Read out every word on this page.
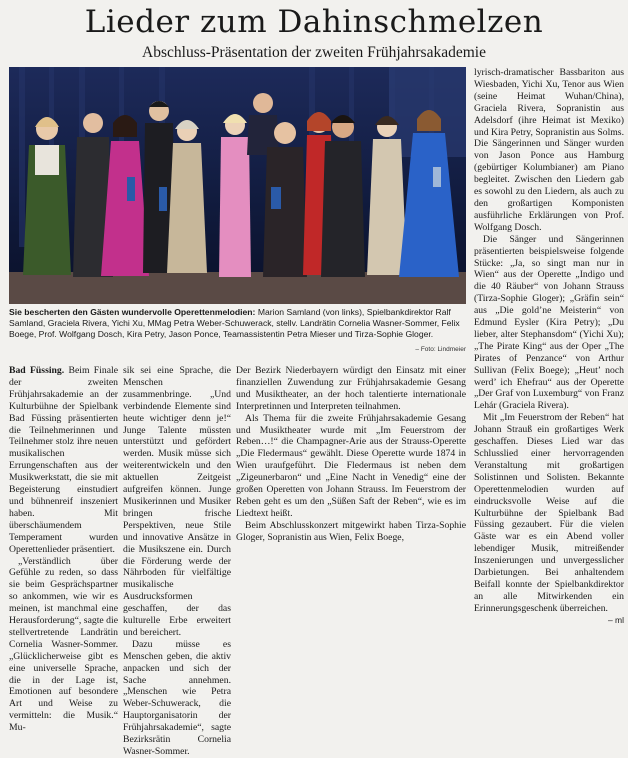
Lieder zum Dahinschmelzen
Abschluss-Präsentation der zweiten Frühjahrsakademie

Sie bescherten den Gästen wundervolle Operettenmelodien: Marion Samland (von links), Spielbankdirektor Ralf Samland, Graciela Rivera, Yichi Xu, MMag Petra Weber-Schuwerack, stellv. Landrätin Cornelia Wasner-Sommer, Felix Boege, Prof. Wolfgang Dosch, Kira Petry, Jason Ponce, Teamassistentin Petra Mieser und Tirza-Sophie Gloger.

– Foto: Lindmeier

Bad Füssing. Beim Finale der zweiten Frühjahrsakademie an der Kulturbühne der Spielbank Bad Füssing präsentierten die Teilnehmerinnen und Teilnehmer stolz ihre neuen musikalischen Errungenschaften aus der Musikwerkstatt, die sie mit Begeisterung einstudiert und bühnenreif inszeniert haben. Mit überschäumendem Temperament wurden Operettenlieder präsentiert.

„Verständlich über Gefühle zu reden, so dass sie beim Gesprächspartner so ankommen, wie wir es meinen, ist manchmal eine Herausforderung“, sagte die stellvertretende Landrätin Cornelia Wasner-Sommer. „Glücklicherweise gibt es eine universelle Sprache, die in der Lage ist, Emotionen auf besondere Art und Weise zu vermitteln: die Musik.“ Mu-

sik sei eine Sprache, die Menschen zusammenbringe. „Und verbindende Elemente sind heute wichtiger denn je!“ Junge Talente müssten unterstützt und gefördert werden. Musik müsse sich weiterentwickeln und den aktuellen Zeitgeist aufgreifen können. Junge Musikerinnen und Musiker bringen frische Perspektiven, neue Stile und innovative Ansätze in die Musikszene ein. Durch die Förderung werde der Nährboden für vielfältige musikalische Ausdrucksformen geschaffen, der das kulturelle Erbe erweitert und bereichert.

Dazu müsse es Menschen geben, die aktiv anpacken und sich der Sache annehmen. „Menschen wie Petra Weber-Schuwerack, die Hauptorganisatorin der Frühjahrsakademie“, sagte Bezirksrätin Cornelia Wasner-Sommer.

Der Bezirk Niederbayern würdigt den Einsatz mit einer finanziellen Zuwendung zur Frühjahrsakademie Gesang und Musiktheater, an der hoch talentierte internationale Interpretinnen und Interpreten teilnahmen.

Als Thema für die zweite Frühjahrsakademie Gesang und Musiktheater wurde mit „Im Feuerstrom der Reben…!“ die Champagner-Arie aus der Strauss-Operette „Die Fledermaus“ gewählt. Diese Operette wurde 1874 in Wien uraufgeführt. Die Fledermaus ist neben dem „Zigeunerbaron“ und „Eine Nacht in Venedig“ eine der großen Operetten von Johann Strauss. Im Feuerstrom der Reben geht es um den „Süßen Saft der Reben“, wie es im Liedtext heißt.

Beim Abschlusskonzert mitgewirkt haben Tirza-Sophie Gloger, Sopranistin aus Wien, Felix Boege,

lyrisch-dramatischer Bassbariton aus Wiesbaden, Yichi Xu, Tenor aus Wien (seine Heimat Wuhan/China), Graciela Rivera, Sopranistin aus Adelsdorf (ihre Heimat ist Mexiko) und Kira Petry, Sopranistin aus Solms. Die Sängerinnen und Sänger wurden von Jason Ponce aus Hamburg (gebürtiger Kolumbianer) am Piano begleitet. Zwischen den Liedern gab es sowohl zu den Liedern, als auch zu den großartigen Komponisten ausführliche Erklärungen von Prof. Wolfgang Dosch.

Die Sänger und Sängerinnen präsentierten beispielsweise folgende Stücke: „Ja, so singt man nur in Wien“ aus der Operette „Indigo und die 40 Räuber“ von Johann Strauss (Tirza-Sophie Gloger); „Gräfin sein“ aus „Die gold’ne Meisterin“ von Edmund Eysler (Kira Petry); „Du lieber, alter Stephansdom“ (Yichi Xu); „The Pirate King“ aus der Oper „The Pirates of Penzance“ von Arthur Sullivan (Felix Boege); „Heut’ noch werd’ ich Ehefrau“ aus der Operette „Der Graf von Luxemburg“ von Franz Lehár (Graciela Rivera).

Mit „Im Feuerstrom der Reben“ hat Johann Strauß ein großartiges Werk geschaffen. Dieses Lied war das Schlusslied einer hervorragenden Veranstaltung mit großartigen Solistinnen und Solisten. Bekannte Operettenmelodien wurden auf eindrucksvolle Weise auf die Kulturbühne der Spielbank Bad Füssing gezaubert. Für die vielen Gäste war es ein Abend voller lebendiger Musik, mitreißender Inszenierungen und unvergesslicher Darbietungen. Bei anhaltendem Beifall konnte der Spielbankdirektor an alle Mitwirkenden ein Erinnerungsgeschenk überreichen.
– ml
